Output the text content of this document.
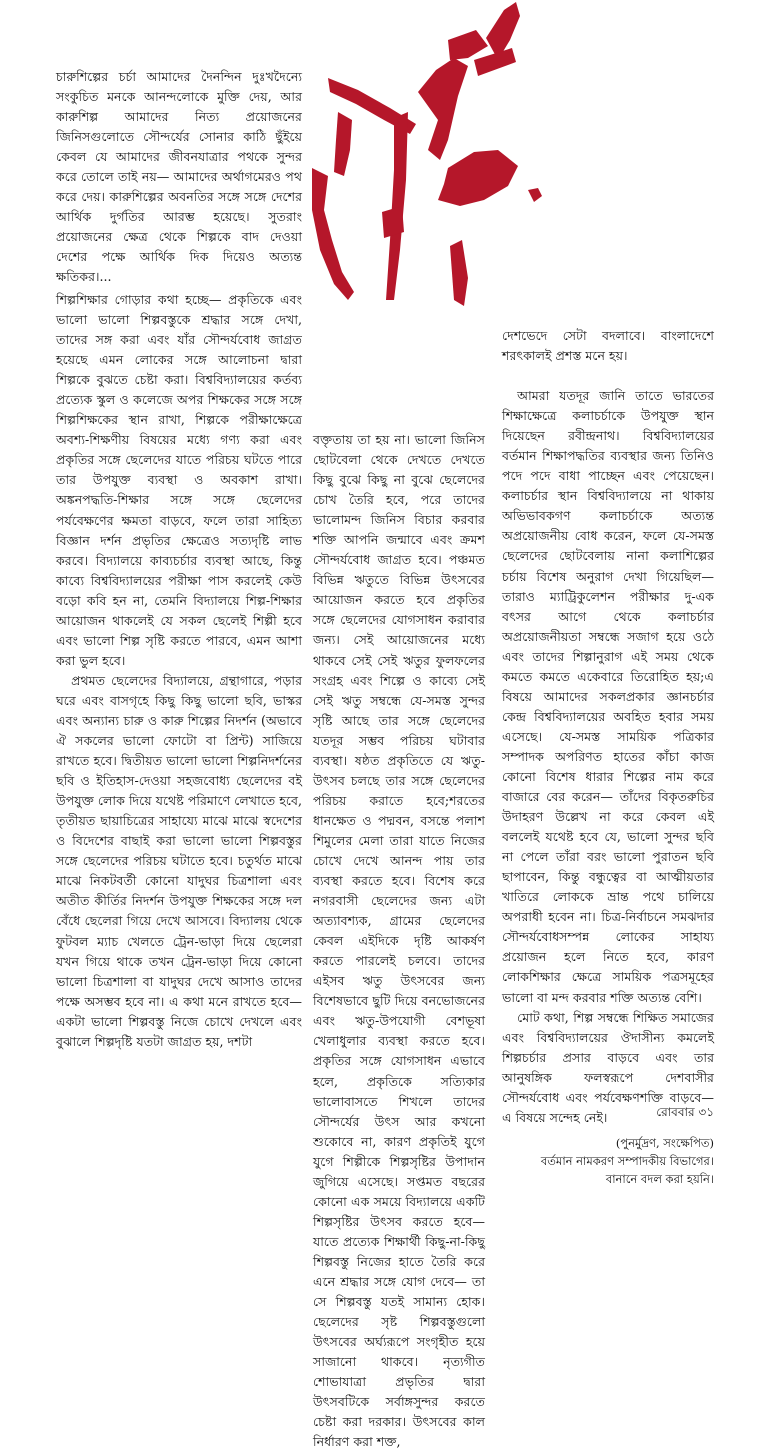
চারুশিল্পের চর্চা আমাদের দৈনন্দিন দুঃখদৈন্যে সংকুচিত মনকে আনন্দলোকে মুক্তি দেয়, আর কারুশিল্প আমাদের নিত্য প্রয়োজনের জিনিসগুলোতে সৌন্দর্যের সোনার কাঠি ছুঁইয়ে কেবল যে আমাদের জীবনযাত্রার পথকে সুন্দর করে তোলে তাই নয়— আমাদের অর্থাগমেরও পথ করে দেয়। কারুশিল্পের অবনতির সঙ্গে সঙ্গে দেশের আর্থিক দুর্গতির আরম্ভ হয়েছে। সুতরাং প্রয়োজনের ক্ষেত্র থেকে শিল্পকে বাদ দেওয়া দেশের পক্ষে আর্থিক দিক দিয়েও অত্যন্ত ক্ষতিকর।...

শিল্পশিক্ষার গোড়ার কথা হচ্ছে— প্রকৃতিকে এবং ভালো ভালো শিল্পবস্তুকে শ্রদ্ধার সঙ্গে দেখা, তাদের সঙ্গ করা এবং যাঁর সৌন্দর্যবোধ জাগ্রত হয়েছে এমন লোকের সঙ্গে আলোচনা দ্বারা শিল্পকে বুঝতে চেষ্টা করা। বিশ্ববিদ্যালয়ের কর্তব্য প্রত্যেক স্কুল ও কলেজে অপর শিক্ষকের সঙ্গে সঙ্গে শিল্পশিক্ষকের স্থান রাখা, শিল্পকে পরীক্ষাক্ষেত্রে অবশ্য-শিক্ষণীয় বিষয়ের মধ্যে গণ্য করা এবং প্রকৃতির সঙ্গে ছেলেদের যাতে পরিচয় ঘটতে পারে তার উপযুক্ত ব্যবস্থা ও অবকাশ রাখা। অঙ্কনপদ্ধতি-শিক্ষার সঙ্গে সঙ্গে ছেলেদের পর্যবেক্ষণের ক্ষমতা বাড়বে, ফলে তারা সাহিত্য বিজ্ঞান দর্শন প্রভৃতির ক্ষেত্রেও সত্যদৃষ্টি লাভ করবে। বিদ্যালয়ে কাব্যচর্চার ব্যবস্থা আছে, কিন্তু কাব্যে বিশ্ববিদ্যালয়ের পরীক্ষা পাস করলেই কেউ বড়ো কবি হন না, তেমনি বিদ্যালয়ে শিল্প-শিক্ষার আয়োজন থাকলেই যে সকল ছেলেই শিল্পী হবে এবং ভালো শিল্প সৃষ্টি করতে পারবে, এমন আশা করা ভুল হবে।

প্রথমত ছেলেদের বিদ্যালয়ে, গ্রন্থাগারে, পড়ার ঘরে এবং বাসগৃহে কিছু কিছু ভালো ছবি, ভাস্কর এবং অন্যান্য চারু ও কারু শিল্পের নিদর্শন (অভাবে ঐ সকলের ভালো ফোটো বা প্রিন্ট) সাজিয়ে রাখতে হবে। দ্বিতীয়ত ভালো ভালো শিল্পনিদর্শনের ছবি ও ইতিহাস-দেওয়া সহজবোধ্য ছেলেদের বই উপযুক্ত লোক দিয়ে যথেষ্ট পরিমাণে লেখাতে হবে, তৃতীয়ত ছায়াচিত্রের সাহায্যে মাঝে মাঝে স্বদেশের ও বিদেশের বাছাই করা ভালো ভালো শিল্পবস্তুর সঙ্গে ছেলেদের পরিচয় ঘটাতে হবে। চতুর্থত মাঝে মাঝে নিকটবর্তী কোনো যাদুঘর চিত্রশালা এবং অতীত কীর্তির নিদর্শন উপযুক্ত শিক্ষকের সঙ্গে দল বেঁধে ছেলেরা গিয়ে দেখে আসবে। বিদ্যালয় থেকে ফুটবল ম্যাচ খেলতে ট্রেন-ভাড়া দিয়ে ছেলেরা যখন গিয়ে থাকে তখন ট্রেন-ভাড়া দিয়ে কোনো ভালো চিত্রশালা বা যাদুঘর দেখে আসাও তাদের পক্ষে অসম্ভব হবে না। এ কথা মনে রাখতে হবে— একটা ভালো শিল্পবস্তু নিজে চোখে দেখলে এবং বুঝালে শিল্পদৃষ্টি যতটা জাগ্রত হয়, দশটা

বক্তৃতায় তা হয় না। ভালো জিনিস ছোটবেলা থেকে দেখতে দেখতে কিছু বুঝে কিছু না বুঝে ছেলেদের চোখ তৈরি হবে, পরে তাদের ভালোমন্দ জিনিস বিচার করবার শক্তি আপনি জন্মাবে এবং ক্রমশ সৌন্দর্যবোধ জাগ্রত হবে। পঞ্চমত বিভিন্ন ঋতুতে বিভিন্ন উৎসবের আয়োজন করতে হবে প্রকৃতির সঙ্গে ছেলেদের যোগসাধন করাবার জন্য। সেই আয়োজনের মধ্যে থাকবে সেই সেই ঋতুর ফুলফলের সংগ্রহ এবং শিল্পে ও কাব্যে সেই সেই ঋতু সম্বন্ধে যে-সমস্ত সুন্দর সৃষ্টি আছে তার সঙ্গে ছেলেদের যতদূর সম্ভব পরিচয় ঘটাবার ব্যবস্থা। ষষ্ঠত প্রকৃতিতে যে ঋতু-উৎসব চলছে তার সঙ্গে ছেলেদের পরিচয় করাতে হবে;শরতের ধানক্ষেত ও পদ্মবন, বসন্তে পলাশ শিমুলের মেলা তারা যাতে নিজের চোখে দেখে আনন্দ পায় তার ব্যবস্থা করতে হবে। বিশেষ করে নগরবাসী ছেলেদের জন্য এটা অত্যাবশ্যক, গ্রামের ছেলেদের কেবল এইদিকে দৃষ্টি আকর্ষণ করতে পারলেই চলবে। তাদের এইসব ঋতু উৎসবের জন্য বিশেষভাবে ছুটি দিয়ে বনভোজনের এবং ঋতু-উপযোগী বেশভূষা খেলাধুলার ব্যবস্থা করতে হবে। প্রকৃতির সঙ্গে যোগসাধন এভাবে হলে, প্রকৃতিকে সত্যিকার ভালোবাসতে শিখলে তাদের সৌন্দর্যের উৎস আর কখনো শুকোবে না, কারণ প্রকৃতিই যুগে যুগে শিল্পীকে শিল্পসৃষ্টির উপাদান জুগিয়ে এসেছে। সপ্তমত বছরের কোনো এক সময়ে বিদ্যালয়ে একটি শিল্পসৃষ্টির উৎসব করতে হবে— যাতে প্রত্যেক শিক্ষার্থী কিছু-না-কিছু শিল্পবস্তু নিজের হাতে তৈরি করে এনে শ্রদ্ধার সঙ্গে যোগ দেবে— তা সে শিল্পবস্তু যতই সামান্য হোক। ছেলেদের সৃষ্ট শিল্পবস্তুগুলো উৎসবের অর্ঘ্যরূপে সংগৃহীত হয়ে সাজানো থাকবে। নৃত্যগীত শোভাযাত্রা প্রভৃতির দ্বারা উৎসবটিকে সর্বাঙ্গসুন্দর করতে চেষ্টা করা দরকার। উৎসবের কাল নির্ধারণ করা শক্ত,

দেশভেদে সেটা বদলাবে। বাংলাদেশে শরৎকালই প্রশস্ত মনে হয়।

আমরা যতদূর জানি তাতে ভারতের শিক্ষাক্ষেত্রে কলাচর্চাকে উপযুক্ত স্থান দিয়েছেন রবীন্দ্রনাথ। বিশ্ববিদ্যালয়ের বর্তমান শিক্ষাপদ্ধতির ব্যবস্থার জন্য তিনিও পদে পদে বাধা পাচ্ছেন এবং পেয়েছেন। কলাচর্চার স্থান বিশ্ববিদ্যালয়ে না থাকায় অভিভাবকগণ কলাচর্চাকে অত্যন্ত অপ্রয়োজনীয় বোধ করেন, ফলে যে-সমস্ত ছেলেদের ছোটবেলায় নানা কলাশিল্পের চর্চায় বিশেষ অনুরাগ দেখা গিয়েছিল— তারাও ম্যাট্রিকুলেশন পরীক্ষার দু-এক বৎসর আগে থেকে কলাচর্চার অপ্রয়োজনীয়তা সম্বন্ধে সজাগ হয়ে ওঠে এবং তাদের শিল্পানুরাগ এই সময় থেকে কমতে কমতে একেবারে তিরোহিত হয়;এ বিষয়ে আমাদের সকলপ্রকার জ্ঞানচর্চার কেন্দ্র বিশ্ববিদ্যালয়ের অবহিত হবার সময় এসেছে। যে-সমস্ত সাময়িক পত্রিকার সম্পাদক অপরিণত হাতের কাঁচা কাজ কোনো বিশেষ ধারার শিল্পের নাম করে বাজারে বের করেন— তাঁদের বিকৃতরুচির উদাহরণ উল্লেখ না করে কেবল এই বললেই যথেষ্ট হবে যে, ভালো সুন্দর ছবি না পেলে তাঁরা বরং ভালো পুরাতন ছবি ছাপাবেন, কিন্তু বন্ধুত্বের বা আত্মীয়তার খাতিরে লোককে ভ্রান্ত পথে চালিয়ে অপরাধী হবেন না। চিত্র-নির্বাচনে সমঝদার সৌন্দর্যবোধসম্পন্ন লোকের সাহায্য প্রয়োজন হলে নিতে হবে, কারণ লোকশিক্ষার ক্ষেত্রে সাময়িক পত্রসমূহের ভালো বা মন্দ করবার শক্তি অত্যন্ত বেশি।

মোট কথা, শিল্প সম্বন্ধে শিক্ষিত সমাজের এবং বিশ্ববিদ্যালয়ের ঔদাসীন্য কমলেই শিল্পচর্চার প্রসার বাড়বে এবং তার আনুষঙ্গিক ফলস্বরূপে দেশবাসীর সৌন্দর্যবোধ এবং পর্যবেক্ষণশক্তি বাড়বে— এ বিষয়ে সন্দেহ নেই।

(পুনর্মুদ্রণ, সংক্ষেপিত)
বর্তমান নামকরণ সম্পাদকীয় বিভাগের।
বানানে বদল করা হয়নি।
রোববার ৩১
